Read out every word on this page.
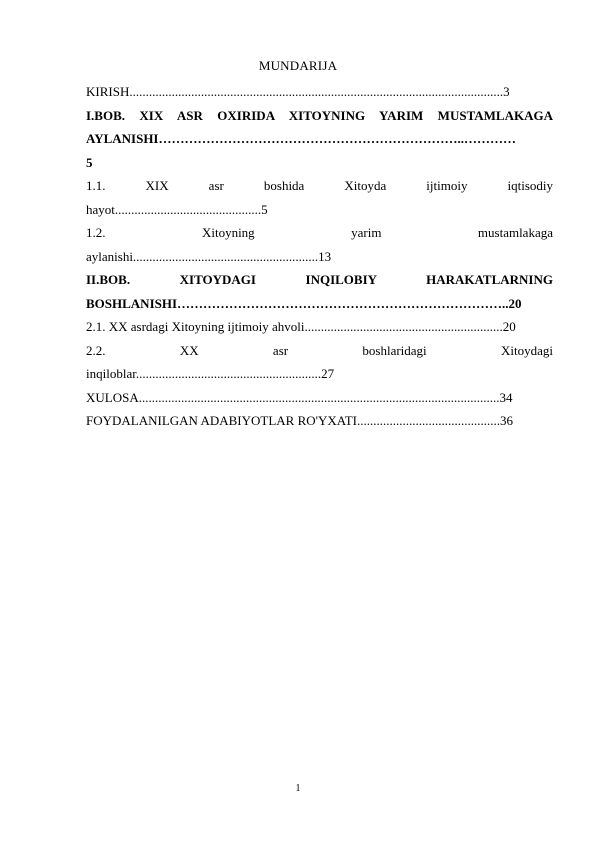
MUNDARIJA
KIRISH...................................................................................................................3
I.BOB. XIX ASR OXIRIDA XITOYNING YARIM MUSTAMLAKAGA
AYLANISHI……………………………………………………………..…………
5
1.1. XIX asr boshida Xitoyda ijtimoiy iqtisodiy
hayot.............................................5
1.2. Xitoyning yarim mustamlakaga
aylanishi.........................................................13
II.BOB. XITOYDAGI INQILOBIY HARAKATLARNING
BOSHLANISHI…………………………………………………………………..20
2.1. XX asrdagi Xitoyning ijtimoiy ahvoli.............................................................20
2.2. XX asr boshlaridagi Xitoydagi
inqiloblar.........................................................27
XULOSA...............................................................................................................34
FOYDALANILGAN ADABIYOTLAR RO'YXATI............................................36
1
